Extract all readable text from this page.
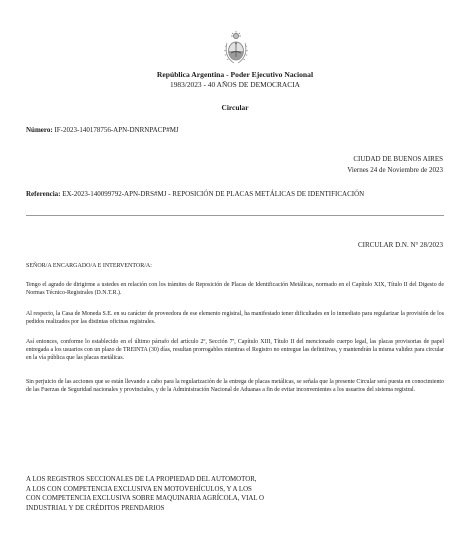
República Argentina - Poder Ejecutivo Nacional
1983/2023 - 40 AÑOS DE DEMOCRACIA
Circular
Número: IF-2023-140178756-APN-DNRNPACP#MJ
CIUDAD DE BUENOS AIRES
Viernes 24 de Noviembre de 2023
Referencia: EX-2023-140099792-APN-DRS#MJ - REPOSICIÓN DE PLACAS METÁLICAS DE IDENTIFICACIÓN
CIRCULAR D.N. N° 28/2023
SEÑOR/A ENCARGADO/A E INTERVENTOR/A:
Tengo el agrado de dirigirme a ustedes en relación con los trámites de Reposición de Placas de Identificación Metálicas, normado en el Capítulo XIX, Título II del Digesto de Normas Técnico-Registrales (D.N.T.R.).
Al respecto, la Casa de Moneda S.E. en su carácter de proveedora de ese elemento registral, ha manifestado tener dificultades en lo inmediato para regularizar la provisión de los pedidos realizados por las distintas oficinas registrales.
Así entonces, conforme lo establecido en el último párrafo del artículo 2º, Sección 7ª, Capítulo XIII, Título II del mencionado cuerpo legal, las placas provisorias de papel entregada a los usuarios con un plazo de TREINTA (30) días, resultan prorrogables mientras el Registro no entregue las definitivas, y mantendrán la misma validez para circular en la vía pública que las placas metálicas.
Sin perjuicio de las acciones que se están llevando a cabo para la regularización de la entrega de placas metálicas, se señala que la presente Circular será puesta en conocimiento de las Fuerzas de Seguridad nacionales y provinciales, y de la Administración Nacional de Aduanas a fin de evitar inconvenientes a los usuarios del sistema registral.
A LOS REGISTROS SECCIONALES DE LA PROPIEDAD DEL AUTOMOTOR,
A LOS CON COMPETENCIA EXCLUSIVA EN MOTOVEHÍCULOS, Y A LOS
CON COMPETENCIA EXCLUSIVA SOBRE MAQUINARIA AGRÍCOLA, VIAL O
INDUSTRIAL Y DE CRÉDITOS PRENDARIOS
